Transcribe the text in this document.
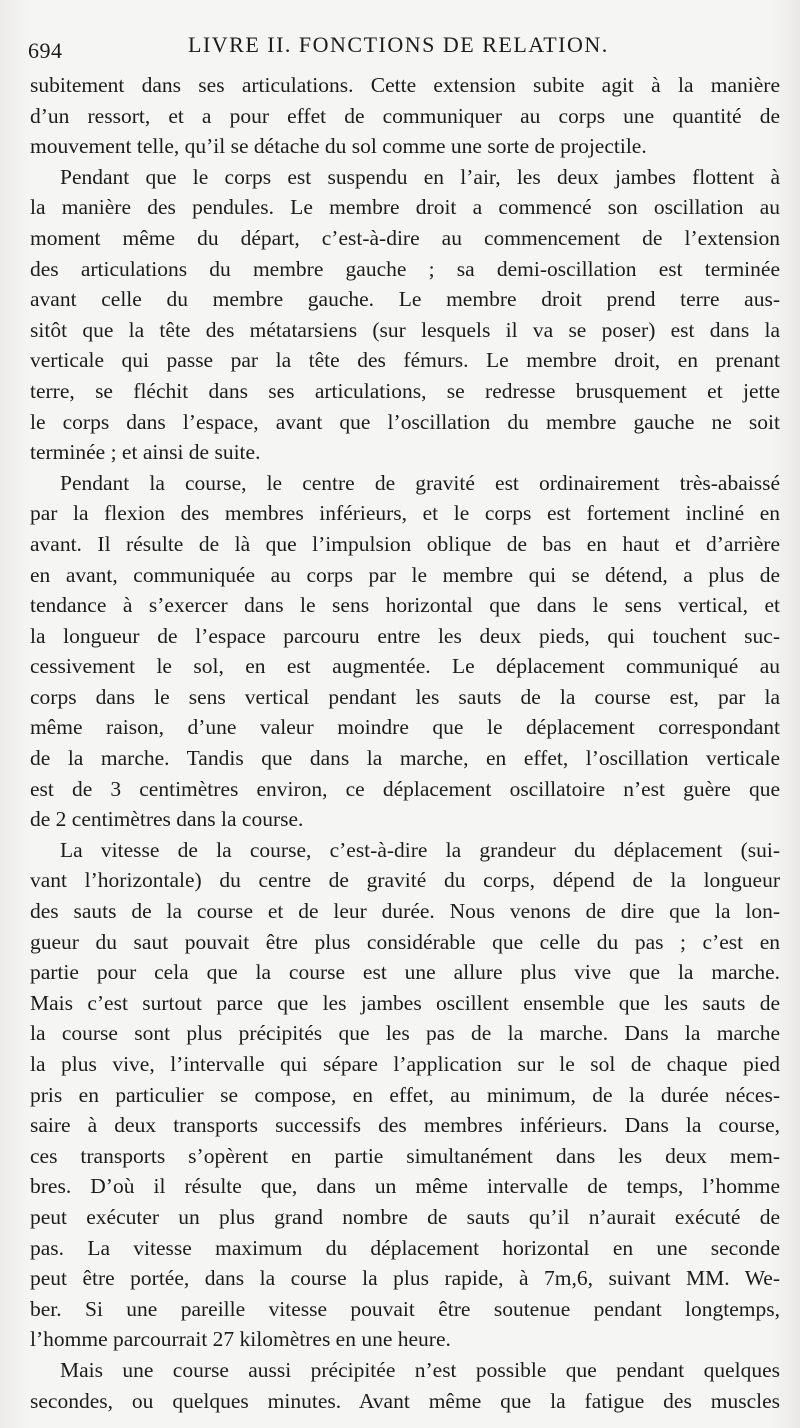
694	LIVRE II. FONCTIONS DE RELATION.

subitement dans ses articulations. Cette extension subite agit à la manière
d’un ressort, et a pour effet de communiquer au corps une quantité de
mouvement telle, qu’il se détache du sol comme une sorte de projectile.

Pendant que le corps est suspendu en l’air, les deux jambes flottent à
la manière des pendules. Le membre droit a commencé son oscillation au
moment même du départ, c’est-à-dire au commencement de l’extension
des articulations du membre gauche ; sa demi-oscillation est terminée
avant celle du membre gauche. Le membre droit prend terre aus-
sitôt que la tête des métatarsiens (sur lesquels il va se poser) est dans la
verticale qui passe par la tête des fémurs. Le membre droit, en prenant
terre, se fléchit dans ses articulations, se redresse brusquement et jette
le corps dans l’espace, avant que l’oscillation du membre gauche ne soit
terminée ; et ainsi de suite.

Pendant la course, le centre de gravité est ordinairement très-abaissé
par la flexion des membres inférieurs, et le corps est fortement incliné en
avant. Il résulte de là que l’impulsion oblique de bas en haut et d’arrière
en avant, communiquée au corps par le membre qui se détend, a plus de
tendance à s’exercer dans le sens horizontal que dans le sens vertical, et
la longueur de l’espace parcouru entre les deux pieds, qui touchent suc-
cessivement le sol, en est augmentée. Le déplacement communiqué au
corps dans le sens vertical pendant les sauts de la course est, par la
même raison, d’une valeur moindre que le déplacement correspondant
de la marche. Tandis que dans la marche, en effet, l’oscillation verticale
est de 3 centimètres environ, ce déplacement oscillatoire n’est guère que
de 2 centimètres dans la course.

La vitesse de la course, c’est-à-dire la grandeur du déplacement (sui-
vant l’horizontale) du centre de gravité du corps, dépend de la longueur
des sauts de la course et de leur durée. Nous venons de dire que la lon-
gueur du saut pouvait être plus considérable que celle du pas ; c’est en
partie pour cela que la course est une allure plus vive que la marche.
Mais c’est surtout parce que les jambes oscillent ensemble que les sauts de
la course sont plus précipités que les pas de la marche. Dans la marche
la plus vive, l’intervalle qui sépare l’application sur le sol de chaque pied
pris en particulier se compose, en effet, au minimum, de la durée néces-
saire à deux transports successifs des membres inférieurs. Dans la course,
ces transports s’opèrent en partie simultanément dans les deux mem-
bres. D’où il résulte que, dans un même intervalle de temps, l’homme
peut exécuter un plus grand nombre de sauts qu’il n’aurait exécuté de
pas. La vitesse maximum du déplacement horizontal en une seconde
peut être portée, dans la course la plus rapide, à 7m,6, suivant MM. We-
ber. Si une pareille vitesse pouvait être soutenue pendant longtemps,
l’homme parcourrait 27 kilomètres en une heure.

Mais une course aussi précipitée n’est possible que pendant quelques
secondes, ou quelques minutes. Avant même que la fatigue des muscles
